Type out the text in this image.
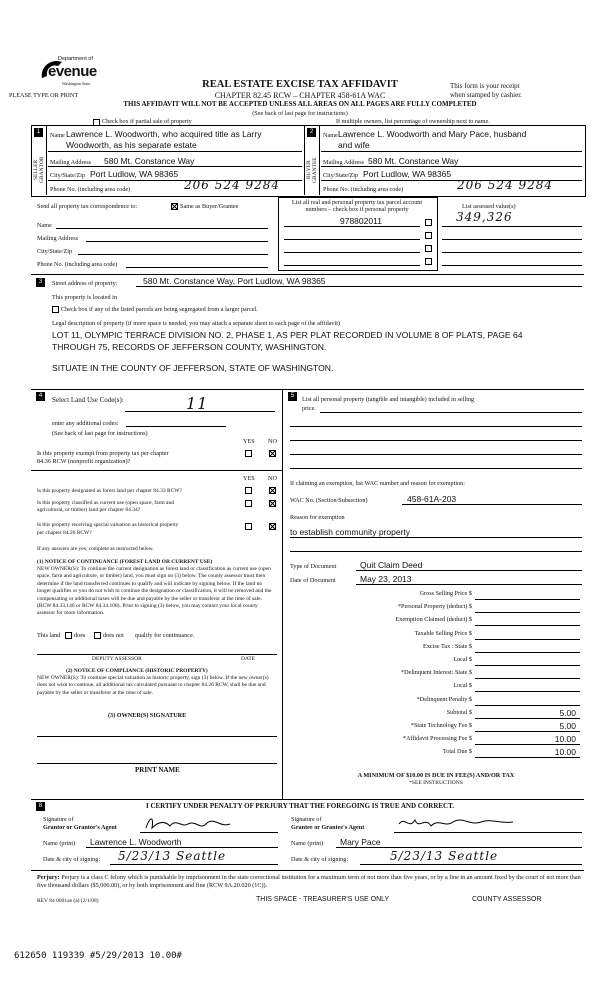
Department of
evenue
Washington State
PLEASE TYPE OR PRINT
REAL ESTATE EXCISE TAX AFFIDAVIT
CHAPTER 82.45 RCW – CHAPTER 458-61A WAC
THIS AFFIDAVIT WILL NOT BE ACCEPTED UNLESS ALL AREAS ON ALL PAGES ARE FULLY COMPLETED
(See back of last page for instructions)
This form is your receipt
when stamped by cashier.
Check box if partial sale of property	If multiple owners, list percentage of ownership next to name.
1	2
SELLER GRANTOR	BUYER GRANTEE
Name Lawrence L. Woodworth, who acquired title as Larry
Woodworth, as his separate estate
Mailing Address 580 Mt. Constance Way
City/State/Zip Port Ludlow, WA 98365
Phone No. (including area code)	206 524 9284
Name Lawrence L. Woodworth and Mary Pace, husband
and wife
Mailing Address 580 Mt. Constance Way
City/State/Zip Port Ludlow, WA 98365
Phone No. (including area code)	206 524 9284
Send all property tax correspondence to:	Same as Buyer/Grantee
Name
Mailing Address
City/State/Zip
Phone No. (including area code)
List all real and personal property tax parcel account
numbers – check box if personal property
978802011
List assessed value(s)
349,326
3	Street address of property:	580 Mt. Constance Way, Port Ludlow, WA 98365
This property is located in
Check box if any of the listed parcels are being segregated from a larger parcel.
Legal description of property (if more space is needed, you may attach a separate sheet to each page of the affidavit)
LOT 11, OLYMPIC TERRACE DIVISION NO. 2, PHASE 1, AS PER PLAT RECORDED IN VOLUME 8 OF PLATS, PAGE 64
THROUGH 75, RECORDS OF JEFFERSON COUNTY, WASHINGTON.
SITUATE IN THE COUNTY OF JEFFERSON, STATE OF WASHINGTON.
4	Select Land Use Code(s):	11
enter any additional codes:
(See back of last page for instructions)
YES NO
Is this property exempt from property tax per chapter
84.36 RCW (nonprofit organization)?
YES NO
Is this property designated as forest land per chapter 84.33 RCW?
Is this property classified as current use (open space, farm and
agricultural, or timber) land per chapter 84.34?
Is this property receiving special valuation as historical property
per chapter 84.26 RCW?
If any answers are yes, complete as instructed below.
(1) NOTICE OF CONTINUANCE (FOREST LAND OR CURRENT USE)
NEW OWNER(S): To continue the current designation as forest land or classification as current use (open space, farm and agriculture, or timber) land, you must sign on (3) below. The county assessor must then determine if the land transferred continues to qualify and will indicate by signing below. If the land no longer qualifies or you do not wish to continue the designation or classification, it will be removed and the compensating or additional taxes will be due and payable by the seller or transferor at the time of sale. (RCW 84.33.140 or RCW 84.34.108). Prior to signing (3) below, you may contact your local county assessor for more information.
This land does	does not qualify for continuance.
DEPUTY ASSESSOR	DATE
(2) NOTICE OF COMPLIANCE (HISTORIC PROPERTY)
NEW OWNER(S): To continue special valuation as historic property, sign (3) below. If the new owner(s) does not wish to continue, all additional tax calculated pursuant to chapter 84.26 RCW, shall be due and payable by the seller or transferor at the time of sale.
(3) OWNER(S) SIGNATURE
PRINT NAME
5	List all personal property (tangible and intangible) included in selling
price.
If claiming an exemption, list WAC number and reason for exemption:
WAC No. (Section/Subsection)	458-61A-203
Reason for exemption
to establish community property
Type of Document	Quit Claim Deed
Date of Document	May 23, 2013
Gross Selling Price $
*Personal Property (deduct) $
Exemption Claimed (deduct) $
Taxable Selling Price $
Excise Tax : State $
Local $
*Delinquent Interest: State $
Local $
*Delinquent Penalty $
Subtotal $	5.00
*State Technology Fee $	5.00
*Affidavit Processing Fee $	10.00
Total Due $	10.00
A MINIMUM OF $10.00 IS DUE IN FEE(S) AND/OR TAX
*SEE INSTRUCTIONS
8	I CERTIFY UNDER PENALTY OF PERJURY THAT THE FOREGOING IS TRUE AND CORRECT.
Signature of
Grantor or Grantor's Agent
Name (print) Lawrence L. Woodworth
Date & city of signing: 5/23/13 Seattle
Signature of
Grantee or Grantee's Agent
Name (print) Mary Pace
Date & city of signing:	5/23/13 Seattle
Perjury: Perjury is a class C felony which is punishable by imprisonment in the state correctional institution for a maximum term of not more than five years, or by a fine in an amount fixed by the court of not more than five thousand dollars ($5,000.00), or by both imprisonment and fine (RCW 9A.20.020 (1C)).
REV 84 0001ae (a) (2/1/08)	THIS SPACE - TREASURER'S USE ONLY	COUNTY ASSESSOR
612650 119339 #5/29/2013 10.00#
